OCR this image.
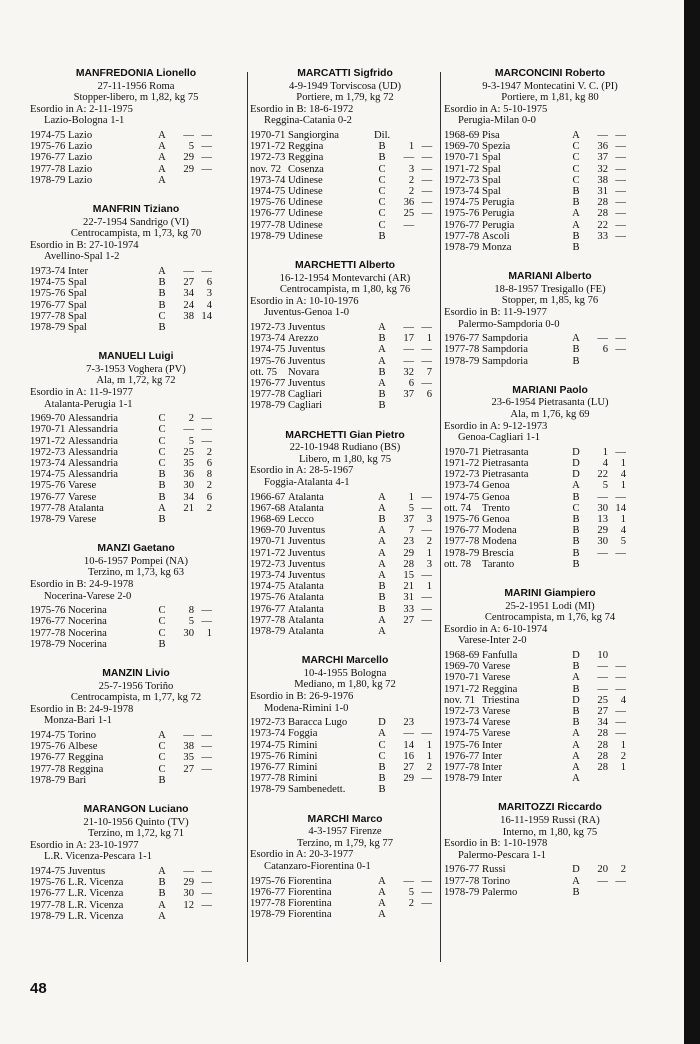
MANFREDONIA Lionello
27-11-1956 Roma
Stopper-libero, m 1,82, kg 75
Esordio in A: 2-11-1975
Lazio-Bologna 1-1
1974-75	Lazio	A	—	—
1975-76	Lazio	A	5	—
1976-77	Lazio	A	29	—
1977-78	Lazio	A	29	—
1978-79	Lazio	A		
MANFRIN Tiziano
22-7-1954 Sandrigo (VI)
Centrocampista, m 1,73, kg 70
Esordio in B: 27-10-1974
Avellino-Spal 1-2
1973-74	Inter	A	—	—
1974-75	Spal	B	27	6
1975-76	Spal	B	34	3
1976-77	Spal	B	24	4
1977-78	Spal	C	38	14
1978-79	Spal	B		
MANUELI Luigi
7-3-1953 Voghera (PV)
Ala, m 1,72, kg 72
Esordio in A: 11-9-1977
Atalanta-Perugia 1-1
1969-70	Alessandria	C	2	—
1970-71	Alessandria	C	—	—
1971-72	Alessandria	C	5	—
1972-73	Alessandria	C	25	2
1973-74	Alessandria	C	35	6
1974-75	Alessandria	B	36	8
1975-76	Varese	B	30	2
1976-77	Varese	B	34	6
1977-78	Atalanta	A	21	2
1978-79	Varese	B		
MANZI Gaetano
10-6-1957 Pompei (NA)
Terzino, m 1,73, kg 63
Esordio in B: 24-9-1978
Nocerina-Varese 2-0
1975-76	Nocerina	C	8	—
1976-77	Nocerina	C	5	—
1977-78	Nocerina	C	30	1
1978-79	Nocerina	B		
MANZIN Livio
25-7-1956 Toriño
Centrocampista, m 1,77, kg 72
Esordio in B: 24-9-1978
Monza-Bari 1-1
1974-75	Torino	A	—	—
1975-76	Albese	C	38	—
1976-77	Reggina	C	35	—
1977-78	Reggina	C	27	—
1978-79	Bari	B		
MARANGON Luciano
21-10-1956 Quinto (TV)
Terzino, m 1,72, kg 71
Esordio in A: 23-10-1977
L.R. Vicenza-Pescara 1-1
1974-75	Juventus	A	—	—
1975-76	L.R. Vicenza	B	29	—
1976-77	L.R. Vicenza	B	30	—
1977-78	L.R. Vicenza	A	12	—
1978-79	L.R. Vicenza	A		
MARCATTI Sigfrido
4-9-1949 Torviscosa (UD)
Portiere, m 1,79, kg 72
Esordio in B: 18-6-1972
Reggina-Catania 0-2
1970-71	Sangiorgina	Dil.		
1971-72	Reggina	B	1	—
1972-73	Reggina	B	—	—
nov. 72	Cosenza	C	3	—
1973-74	Udinese	C	2	—
1974-75	Udinese	C	2	—
1975-76	Udinese	C	36	—
1976-77	Udinese	C	25	—
1977-78	Udinese	C	—	
1978-79	Udinese	B		
MARCHETTI Alberto
16-12-1954 Montevarchi (AR)
Centrocampista, m 1,80, kg 76
Esordio in A: 10-10-1976
Juventus-Genoa 1-0
1972-73	Juventus	A	—	—
1973-74	Arezzo	B	17	1
1974-75	Juventus	A	—	—
1975-76	Juventus	A	—	—
ott. 75	Novara	B	32	7
1976-77	Juventus	A	6	—
1977-78	Cagliari	B	37	6
1978-79	Cagliari	B		
MARCHETTI Gian Pietro
22-10-1948 Rudiano (BS)
Libero, m 1,80, kg 75
Esordio in A: 28-5-1967
Foggia-Atalanta 4-1
1966-67	Atalanta	A	1	—
1967-68	Atalanta	A	5	—
1968-69	Lecco	B	37	3
1969-70	Juventus	A	7	—
1970-71	Juventus	A	23	2
1971-72	Juventus	A	29	1
1972-73	Juventus	A	28	3
1973-74	Juventus	A	15	—
1974-75	Atalanta	B	21	1
1975-76	Atalanta	B	31	—
1976-77	Atalanta	B	33	—
1977-78	Atalanta	A	27	—
1978-79	Atalanta	A		
MARCHI Marcello
10-4-1955 Bologna
Mediano, m 1,80, kg 72
Esordio in B: 26-9-1976
Modena-Rimini 1-0
1972-73	Baracca Lugo	D	23	
1973-74	Foggia	A	—	—
1974-75	Rimini	C	14	1
1975-76	Rimini	C	16	1
1976-77	Rimini	B	27	2
1977-78	Rimini	B	29	—
1978-79	Sambenedett.	B		
MARCHI Marco
4-3-1957 Firenze
Terzino, m 1,79, kg 77
Esordio in A: 20-3-1977
Catanzaro-Fiorentina 0-1
1975-76	Fiorentina	A	—	—
1976-77	Fiorentina	A	5	—
1977-78	Fiorentina	A	2	—
1978-79	Fiorentina	A		
MARCONCINI Roberto
9-3-1947 Montecatini V. C. (PI)
Portiere, m 1,81, kg 80
Esordio in A: 5-10-1975
Perugia-Milan 0-0
1968-69	Pisa	A	—	—
1969-70	Spezia	C	36	—
1970-71	Spal	C	37	—
1971-72	Spal	C	32	—
1972-73	Spal	C	38	—
1973-74	Spal	B	31	—
1974-75	Perugia	B	28	—
1975-76	Perugia	A	28	—
1976-77	Perugia	A	22	—
1977-78	Ascoli	B	33	—
1978-79	Monza	B		
MARIANI Alberto
18-8-1957 Tresigallo (FE)
Stopper, m 1,85, kg 76
Esordio in B: 11-9-1977
Palermo-Sampdoria 0-0
1976-77	Sampdoria	A	—	—
1977-78	Sampdoria	B	6	—
1978-79	Sampdoria	B		
MARIANI Paolo
23-6-1954 Pietrasanta (LU)
Ala, m 1,76, kg 69
Esordio in A: 9-12-1973
Genoa-Cagliari 1-1
1970-71	Pietrasanta	D	1	—
1971-72	Pietrasanta	D	4	1
1972-73	Pietrasanta	D	22	4
1973-74	Genoa	A	5	1
1974-75	Genoa	B	—	—
ott. 74	Trento	C	30	14
1975-76	Genoa	B	13	1
1976-77	Modena	B	29	4
1977-78	Modena	B	30	5
1978-79	Brescia	B	—	—
ott. 78	Taranto	B		
MARINI Giampiero
25-2-1951 Lodi (MI)
Centrocampista, m 1,76, kg 74
Esordio in A: 6-10-1974
Varese-Inter 2-0
1968-69	Fanfulla	D	10	
1969-70	Varese	B	—	—
1970-71	Varese	A	—	—
1971-72	Reggina	B	—	—
nov. 71	Triestina	D	25	4
1972-73	Varese	B	27	—
1973-74	Varese	B	34	—
1974-75	Varese	A	28	—
1975-76	Inter	A	28	1
1976-77	Inter	A	28	2
1977-78	Inter	A	28	1
1978-79	Inter	A		
MARITOZZI Riccardo
16-11-1959 Russi (RA)
Interno, m 1,80, kg 75
Esordio in B: 1-10-1978
Palermo-Pescara 1-1
1976-77	Russi	D	20	2
1977-78	Torino	A	—	—
1978-79	Palermo	B		
48
